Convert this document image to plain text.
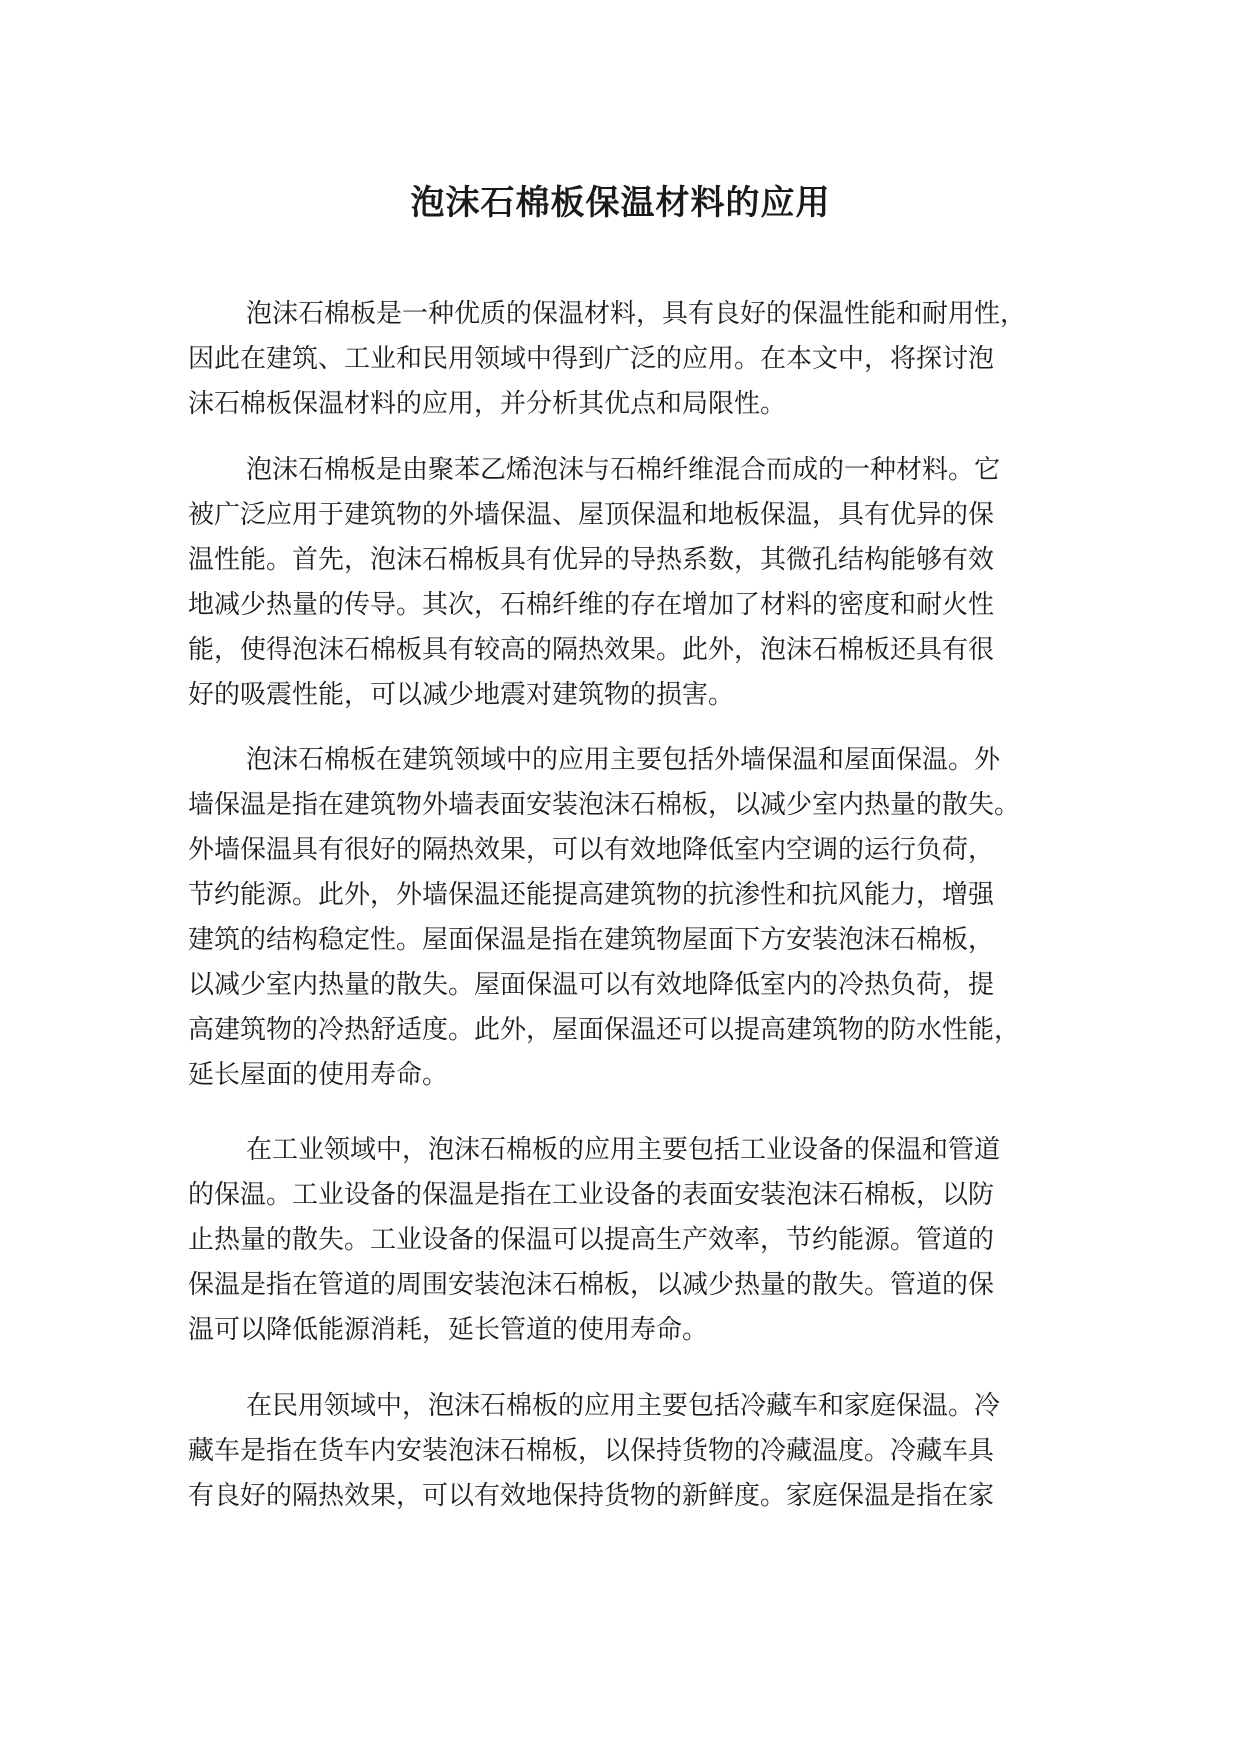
泡沫石棉板保温材料的应用
泡沫石棉板是一种优质的保温材料，具有良好的保温性能和耐用性，
因此在建筑、工业和民用领域中得到广泛的应用。在本文中，将探讨泡
沫石棉板保温材料的应用，并分析其优点和局限性。
泡沫石棉板是由聚苯乙烯泡沫与石棉纤维混合而成的一种材料。它
被广泛应用于建筑物的外墙保温、屋顶保温和地板保温，具有优异的保
温性能。首先，泡沫石棉板具有优异的导热系数，其微孔结构能够有效
地减少热量的传导。其次，石棉纤维的存在增加了材料的密度和耐火性
能，使得泡沫石棉板具有较高的隔热效果。此外，泡沫石棉板还具有很
好的吸震性能，可以减少地震对建筑物的损害。
泡沫石棉板在建筑领域中的应用主要包括外墙保温和屋面保温。外
墙保温是指在建筑物外墙表面安装泡沫石棉板，以减少室内热量的散失。
外墙保温具有很好的隔热效果，可以有效地降低室内空调的运行负荷，
节约能源。此外，外墙保温还能提高建筑物的抗渗性和抗风能力，增强
建筑的结构稳定性。屋面保温是指在建筑物屋面下方安装泡沫石棉板，
以减少室内热量的散失。屋面保温可以有效地降低室内的冷热负荷，提
高建筑物的冷热舒适度。此外，屋面保温还可以提高建筑物的防水性能，
延长屋面的使用寿命。
在工业领域中，泡沫石棉板的应用主要包括工业设备的保温和管道
的保温。工业设备的保温是指在工业设备的表面安装泡沫石棉板，以防
止热量的散失。工业设备的保温可以提高生产效率，节约能源。管道的
保温是指在管道的周围安装泡沫石棉板，以减少热量的散失。管道的保
温可以降低能源消耗，延长管道的使用寿命。
在民用领域中，泡沫石棉板的应用主要包括冷藏车和家庭保温。冷
藏车是指在货车内安装泡沫石棉板，以保持货物的冷藏温度。冷藏车具
有良好的隔热效果，可以有效地保持货物的新鲜度。家庭保温是指在家
